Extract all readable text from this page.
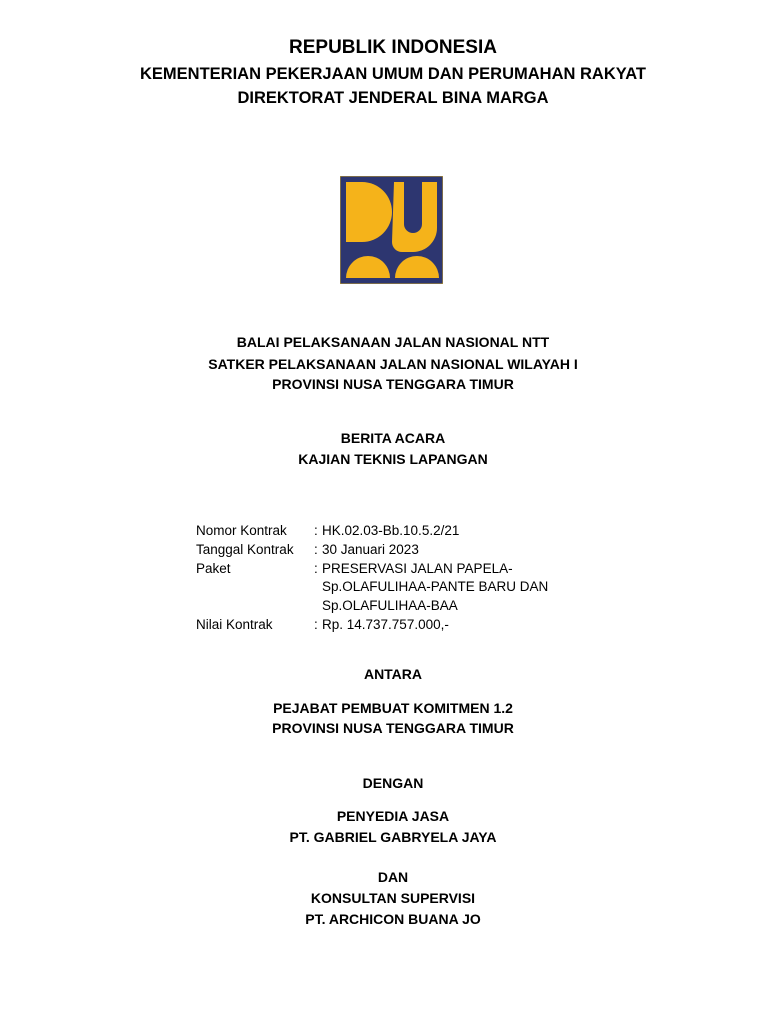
REPUBLIK INDONESIA
KEMENTERIAN PEKERJAAN UMUM DAN PERUMAHAN RAKYAT
DIREKTORAT JENDERAL BINA MARGA
BALAI PELAKSANAAN JALAN NASIONAL NTT
SATKER PELAKSANAAN JALAN NASIONAL WILAYAH I
PROVINSI NUSA TENGGARA TIMUR
BERITA ACARA
KAJIAN TEKNIS LAPANGAN
Nomor Kontrak	: HK.02.03-Bb.10.5.2/21
Tanggal Kontrak	: 30 Januari 2023
Paket	: PRESERVASI JALAN PAPELA-
Sp.OLAFULIHAA-PANTE BARU DAN
Sp.OLAFULIHAA-BAA
Nilai Kontrak	: Rp. 14.737.757.000,-
ANTARA
PEJABAT PEMBUAT KOMITMEN 1.2
PROVINSI NUSA TENGGARA TIMUR
DENGAN
PENYEDIA JASA
PT. GABRIEL GABRYELA JAYA
DAN
KONSULTAN SUPERVISI
PT. ARCHICON BUANA JO
